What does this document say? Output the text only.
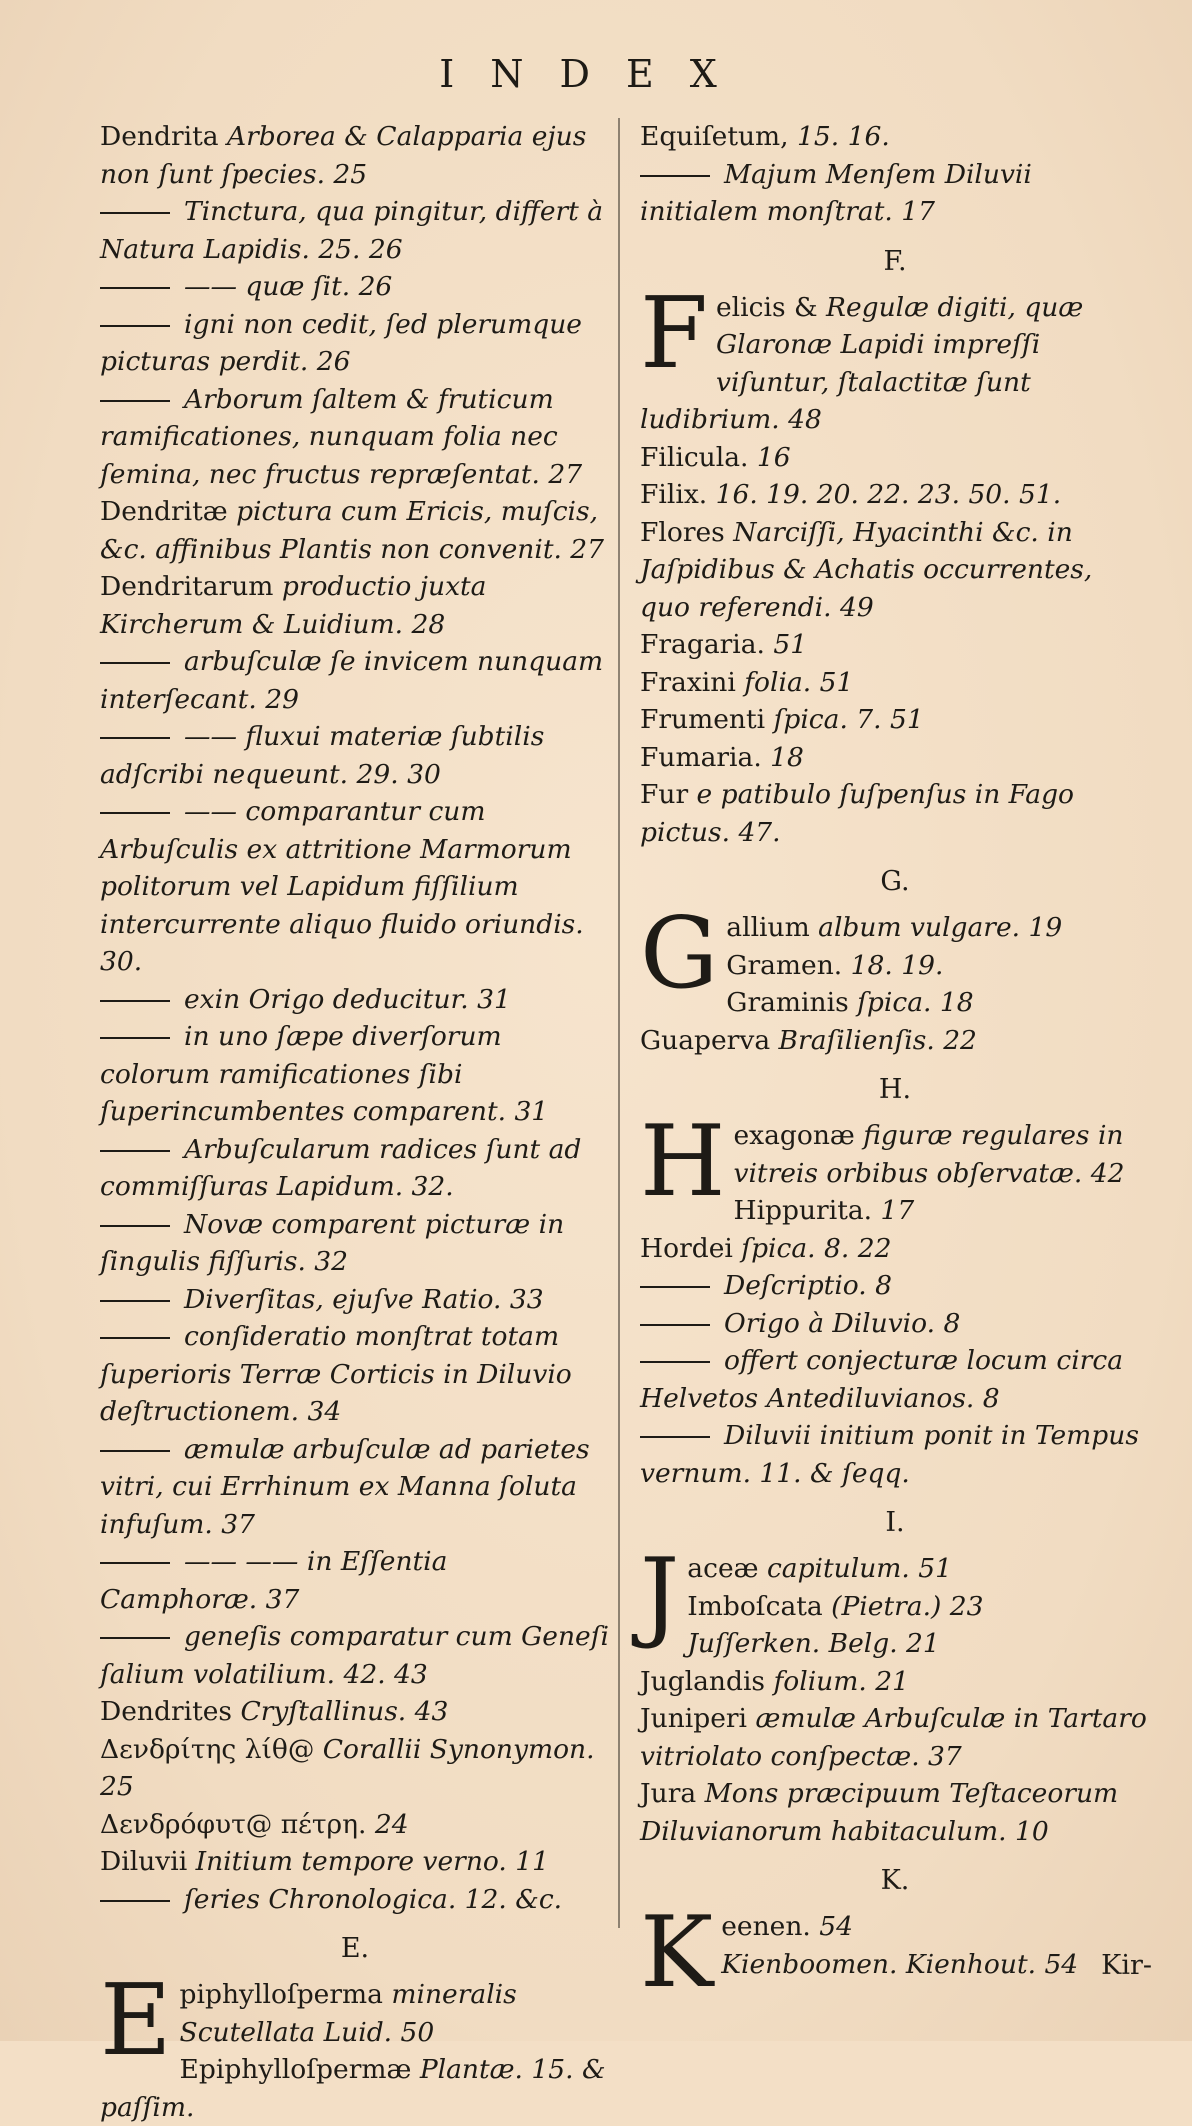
INDEX
Dendrita Arborea & Calapparia ejus non ſunt ſpecies. 25
Tinctura, qua pingitur, differt à Natura Lapidis. 25. 26
—— quæ ſit. 26
igni non cedit, ſed plerumque picturas perdit. 26
Arborum ſaltem & fruticum ramificationes, nunquam folia nec ſemina, nec fructus repræſentat. 27
Dendritæ pictura cum Ericis, muſcis, &c. affinibus Plantis non convenit. 27
Dendritarum productio juxta Kircherum & Luidium. 28
arbuſculæ ſe invicem nunquam interſecant. 29
—— fluxui materiæ ſubtilis adſcribi nequeunt. 29. 30
—— comparantur cum Arbuſculis ex attritione Marmorum politorum vel Lapidum fiſſilium intercurrente aliquo fluido oriundis. 30.
exin Origo deducitur. 31
in uno ſæpe diverſorum colorum ramificationes ſibi ſuperincumbentes comparent. 31
Arbuſcularum radices ſunt ad commiſſuras Lapidum. 32.
Novæ comparent picturæ in ſingulis fiſſuris. 32
Diverſitas, ejuſve Ratio. 33
conſideratio monſtrat totam ſuperioris Terræ Corticis in Diluvio deſtructionem. 34
æmulæ arbuſculæ ad parietes vitri, cui Errhinum ex Manna ſoluta infuſum. 37
—— —— in Eſſentia Camphoræ. 37
geneſis comparatur cum Geneſi ſalium volatilium. 42. 43
Dendrites Cryſtallinus. 43
Δενδρίτης λίθ@ Corallii Synonymon. 25
Δενδρόφυτ@ πέτρη. 24
Diluvii Initium tempore verno. 11
ſeries Chronologica. 12. &c.
E.
Epiphylloſperma mineralis Scutellata Luid. 50
Epiphylloſpermæ Plantæ. 15. & paſſim.
Equiſetum, 15. 16.
Majum Menſem Diluvii initialem monſtrat. 17
F.
Felicis & Regulæ digiti, quæ Glaronæ Lapidi impreſſi viſuntur, ſtalactitæ ſunt ludibrium. 48
Filicula. 16
Filix. 16. 19. 20. 22. 23. 50. 51.
Flores Narciſſi, Hyacinthi &c. in Jaſpidibus & Achatis occurrentes, quo referendi. 49
Fragaria. 51
Fraxini folia. 51
Frumenti ſpica. 7. 51
Fumaria. 18
Fur e patibulo ſuſpenſus in Fago pictus. 47.
G.
Gallium album vulgare. 19
Gramen. 18. 19.
Graminis ſpica. 18
Guaperva Braſilienſis. 22
H.
Hexagonæ figuræ regulares in vitreis orbibus obſervatæ. 42
Hippurita. 17
Hordei ſpica. 8. 22
Deſcriptio. 8
Origo à Diluvio. 8
offert conjecturæ locum circa Helvetos Antediluvianos. 8
Diluvii initium ponit in Tempus vernum. 11. & ſeqq.
I.
Jaceæ capitulum. 51
Imboſcata (Pietra.) 23
Juſſerken. Belg. 21
Juglandis folium. 21
Juniperi æmulæ Arbuſculæ in Tartaro vitriolato conſpectæ. 37
Jura Mons præcipuum Teſtaceorum Diluvianorum habitaculum. 10
K.
Keenen. 54
Kienboomen. Kienhout. 54 Kir-
